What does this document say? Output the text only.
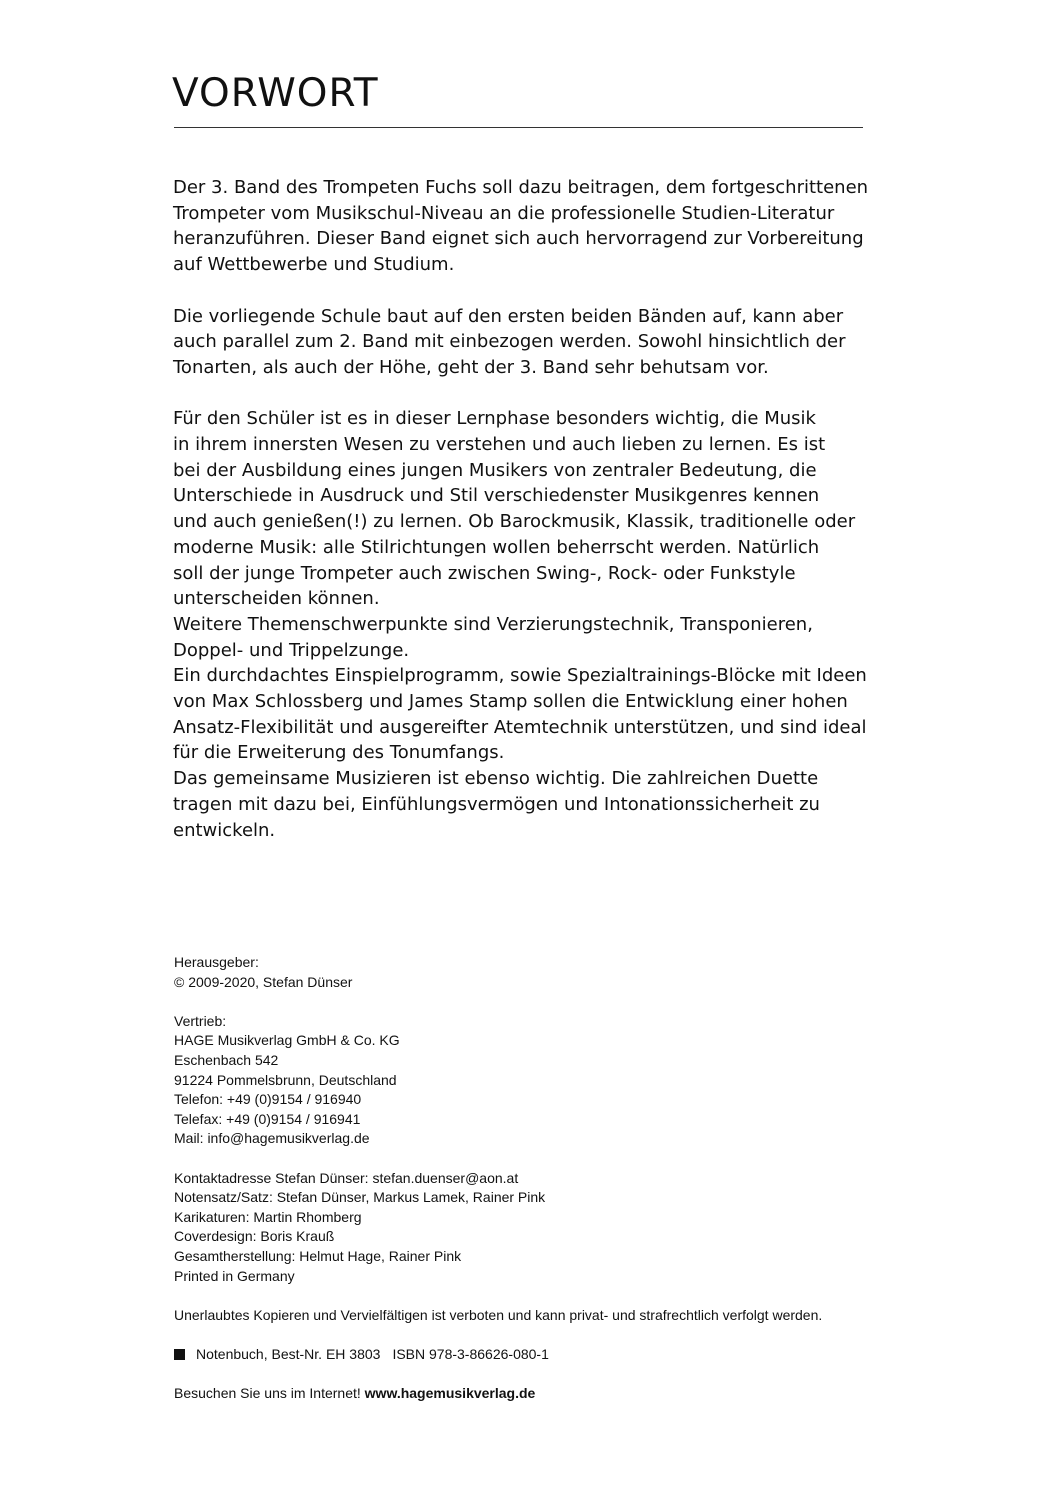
VORWORT

Der 3. Band des Trompeten Fuchs soll dazu beitragen, dem fortgeschrittenen
Trompeter vom Musikschul-Niveau an die professionelle Studien-Literatur
heranzuführen. Dieser Band eignet sich auch hervorragend zur Vorbereitung
auf Wettbewerbe und Studium.

Die vorliegende Schule baut auf den ersten beiden Bänden auf, kann aber
auch parallel zum 2. Band mit einbezogen werden. Sowohl hinsichtlich der
Tonarten, als auch der Höhe, geht der 3. Band sehr behutsam vor.

Für den Schüler ist es in dieser Lernphase besonders wichtig, die Musik
in ihrem innersten Wesen zu verstehen und auch lieben zu lernen. Es ist
bei der Ausbildung eines jungen Musikers von zentraler Bedeutung, die
Unterschiede in Ausdruck und Stil verschiedenster Musikgenres kennen
und auch genießen(!) zu lernen. Ob Barockmusik, Klassik, traditionelle oder
moderne Musik: alle Stilrichtungen wollen beherrscht werden. Natürlich
soll der junge Trompeter auch zwischen Swing-, Rock- oder Funkstyle
unterscheiden können.
Weitere Themenschwerpunkte sind Verzierungstechnik, Transponieren,
Doppel- und Trippelzunge.
Ein durchdachtes Einspielprogramm, sowie Spezialtrainings-Blöcke mit Ideen
von Max Schlossberg und James Stamp sollen die Entwicklung einer hohen
Ansatz-Flexibilität und ausgereifter Atemtechnik unterstützen, und sind ideal
für die Erweiterung des Tonumfangs.
Das gemeinsame Musizieren ist ebenso wichtig. Die zahlreichen Duette
tragen mit dazu bei, Einfühlungsvermögen und Intonationssicherheit zu
entwickeln.

Herausgeber:
© 2009-2020, Stefan Dünser
Vertrieb:
HAGE Musikverlag GmbH & Co. KG
Eschenbach 542
91224 Pommelsbrunn, Deutschland
Telefon: +49 (0)9154 / 916940
Telefax: +49 (0)9154 / 916941
Mail: info@hagemusikverlag.de
Kontaktadresse Stefan Dünser: stefan.duenser@aon.at
Notensatz/Satz: Stefan Dünser, Markus Lamek, Rainer Pink
Karikaturen: Martin Rhomberg
Coverdesign: Boris Krauß
Gesamtherstellung: Helmut Hage, Rainer Pink
Printed in Germany
Unerlaubtes Kopieren und Vervielfältigen ist verboten und kann privat- und strafrechtlich verfolgt werden.
Notenbuch, Best-Nr. EH 3803 ISBN 978-3-86626-080-1
Besuchen Sie uns im Internet! www.hagemusikverlag.de
